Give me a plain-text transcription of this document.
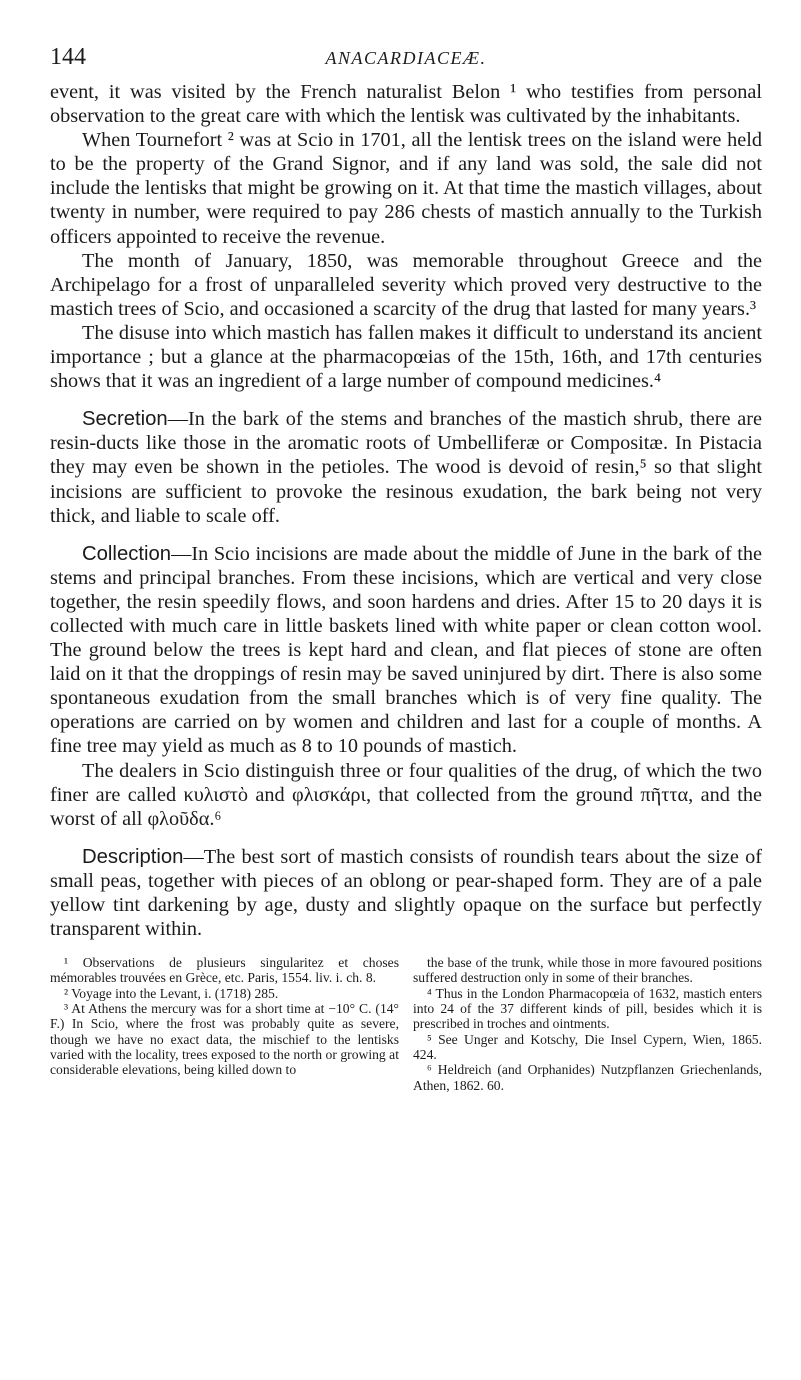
144	ANACARDIACEÆ.

event, it was visited by the French naturalist Belon ¹ who testifies from personal observation to the great care with which the lentisk was cultivated by the inhabitants.

When Tournefort ² was at Scio in 1701, all the lentisk trees on the island were held to be the property of the Grand Signor, and if any land was sold, the sale did not include the lentisks that might be growing on it. At that time the mastich villages, about twenty in number, were required to pay 286 chests of mastich annually to the Turkish officers appointed to receive the revenue.

The month of January, 1850, was memorable throughout Greece and the Archipelago for a frost of unparalleled severity which proved very destructive to the mastich trees of Scio, and occasioned a scarcity of the drug that lasted for many years.³

The disuse into which mastich has fallen makes it difficult to understand its ancient importance ; but a glance at the pharmacopœias of the 15th, 16th, and 17th centuries shows that it was an ingredient of a large number of compound medicines.⁴

Secretion—In the bark of the stems and branches of the mastich shrub, there are resin-ducts like those in the aromatic roots of Umbelliferæ or Compositæ. In Pistacia they may even be shown in the petioles. The wood is devoid of resin,⁵ so that slight incisions are sufficient to provoke the resinous exudation, the bark being not very thick, and liable to scale off.

Collection—In Scio incisions are made about the middle of June in the bark of the stems and principal branches. From these incisions, which are vertical and very close together, the resin speedily flows, and soon hardens and dries. After 15 to 20 days it is collected with much care in little baskets lined with white paper or clean cotton wool. The ground below the trees is kept hard and clean, and flat pieces of stone are often laid on it that the droppings of resin may be saved uninjured by dirt. There is also some spontaneous exudation from the small branches which is of very fine quality. The operations are carried on by women and children and last for a couple of months. A fine tree may yield as much as 8 to 10 pounds of mastich.

The dealers in Scio distinguish three or four qualities of the drug, of which the two finer are called κυλιστὸ and φλισκάρι, that collected from the ground πῆττα, and the worst of all φλοῦδα.⁶

Description—The best sort of mastich consists of roundish tears about the size of small peas, together with pieces of an oblong or pear-shaped form. They are of a pale yellow tint darkening by age, dusty and slightly opaque on the surface but perfectly transparent within.

¹ Observations de plusieurs singularitez et choses mémorables trouvées en Grèce, etc. Paris, 1554. liv. i. ch. 8.

² Voyage into the Levant, i. (1718) 285.

³ At Athens the mercury was for a short time at −10° C. (14° F.) In Scio, where the frost was probably quite as severe, though we have no exact data, the mischief to the lentisks varied with the locality, trees exposed to the north or growing at considerable elevations, being killed down to

the base of the trunk, while those in more favoured positions suffered destruction only in some of their branches.

⁴ Thus in the London Pharmacopœia of 1632, mastich enters into 24 of the 37 different kinds of pill, besides which it is prescribed in troches and ointments.

⁵ See Unger and Kotschy, Die Insel Cypern, Wien, 1865. 424.

⁶ Heldreich (and Orphanides) Nutzpflanzen Griechenlands, Athen, 1862. 60.
